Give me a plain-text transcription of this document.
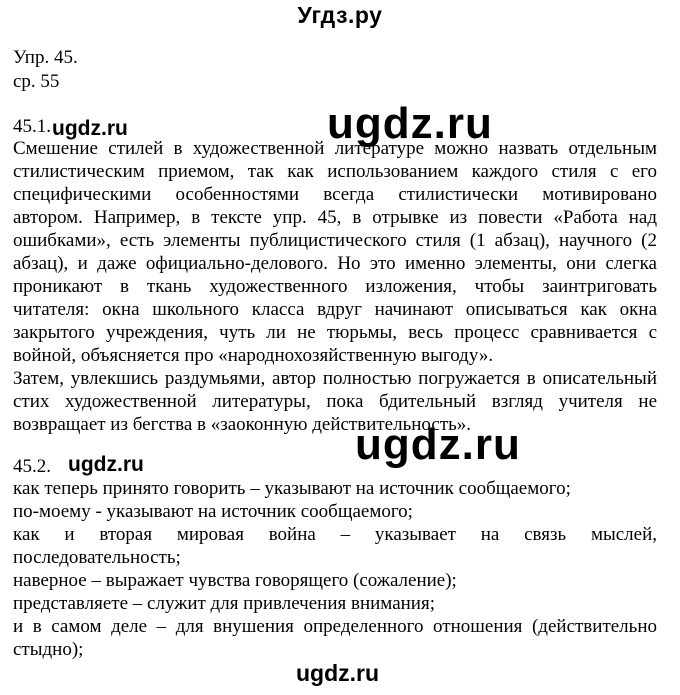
Угдз.ру
Упр. 45.
ср. 55
45.1.
Смешение стилей в художественной литературе можно назвать отдельным
стилистическим приемом, так как использованием каждого стиля с его
специфическими особенностями всегда стилистически мотивировано
автором. Например, в тексте упр. 45, в отрывке из повести «Работа над
ошибками», есть элементы публицистического стиля (1 абзац), научного (2
абзац), и даже официально-делового. Но это именно элементы, они слегка
проникают в ткань художественного изложения, чтобы заинтриговать
читателя: окна школьного класса вдруг начинают описываться как окна
закрытого учреждения, чуть ли не тюрьмы, весь процесс сравнивается с
войной, объясняется про «народнохозяйственную выгоду».
Затем, увлекшись раздумьями, автор полностью погружается в описательный
стих художественной литературы, пока бдительный взгляд учителя не
возвращает из бегства в «заоконную действительность».
45.2.
как теперь принято говорить – указывают на источник сообщаемого;
по-моему - указывают на источник сообщаемого;
как и вторая мировая война – указывает на связь мыслей,
последовательность;
наверное – выражает чувства говорящего (сожаление);
представляете – служит для привлечения внимания;
и в самом деле – для внушения определенного отношения (действительно
стыдно);
ugdz.ru
ugdz.ru
ugdz.ru
ugdz.ru
ugdz.ru
